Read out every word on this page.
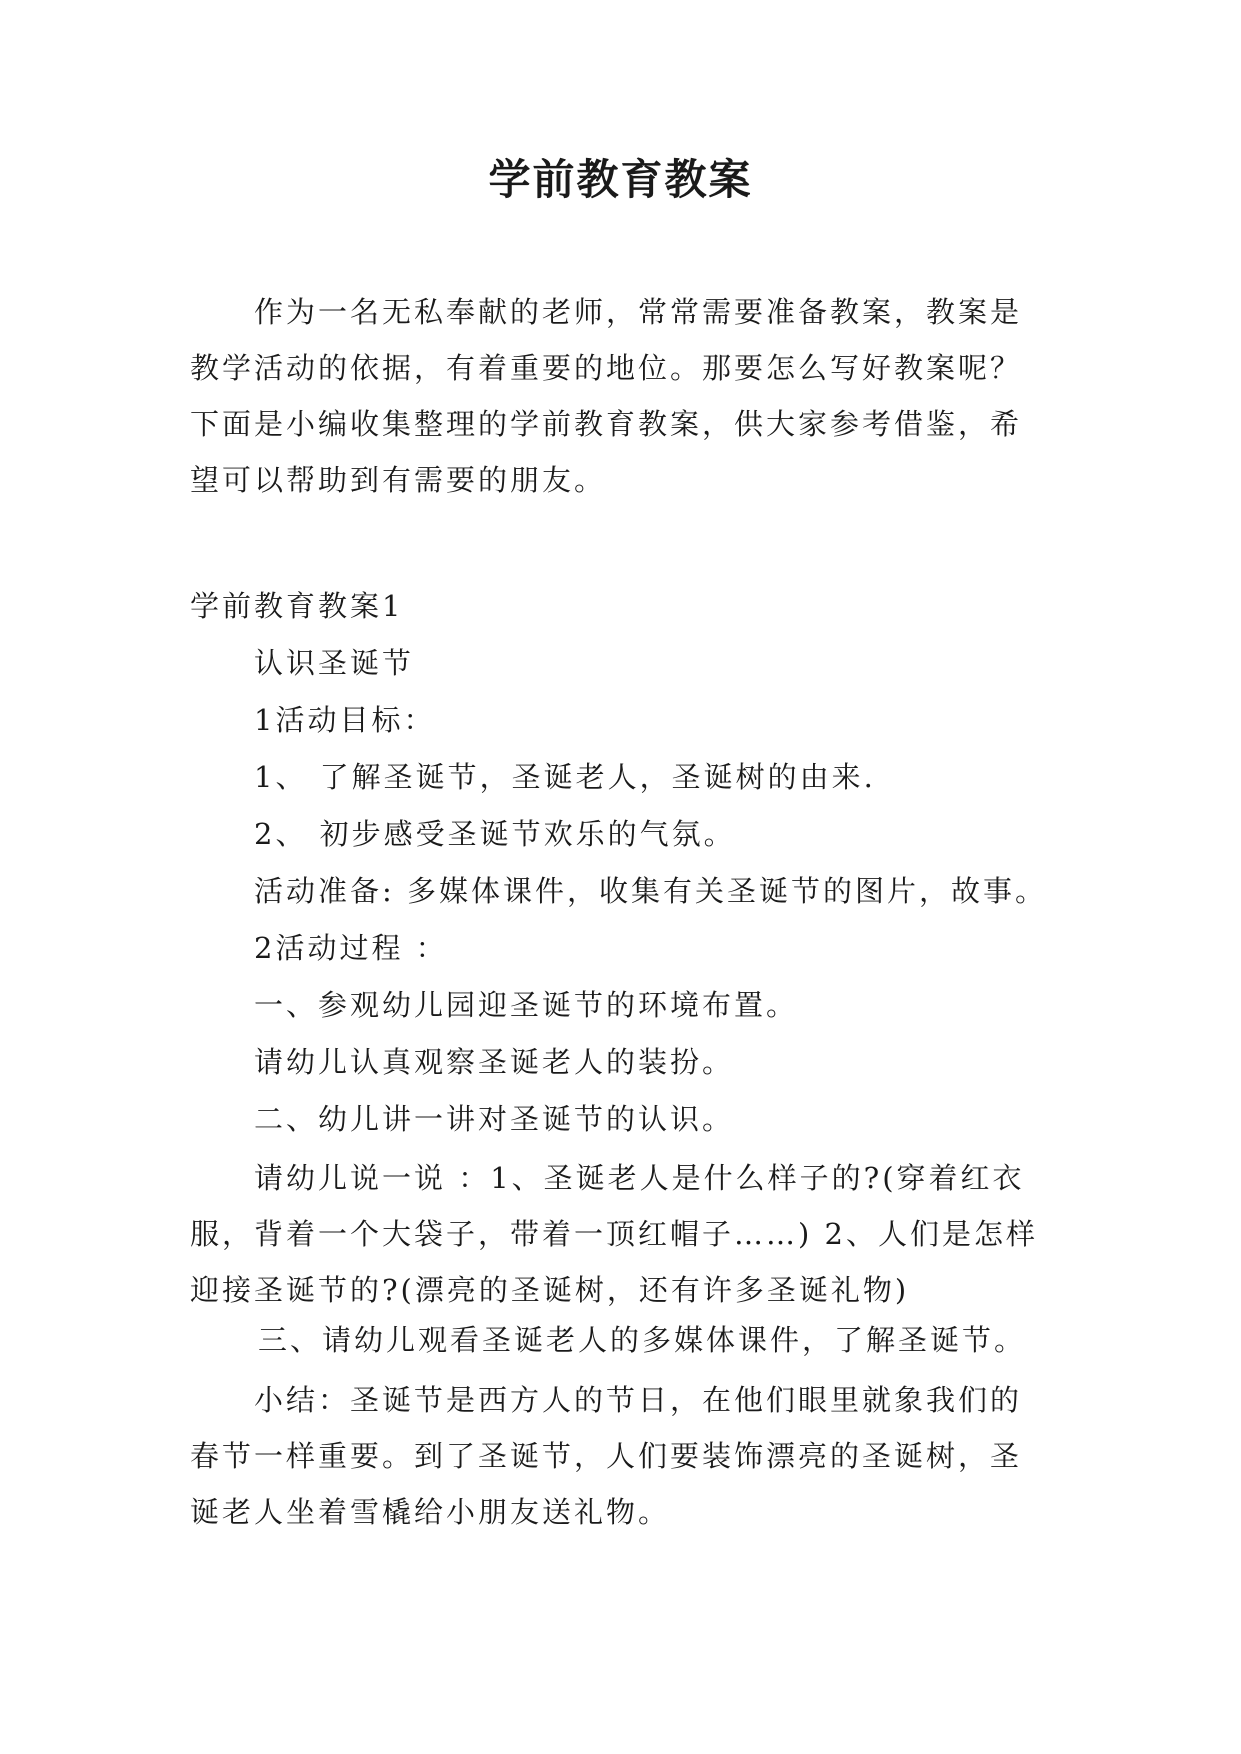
学前教育教案
作为一名无私奉献的老师，常常需要准备教案，教案是教学活动的依据，有着重要的地位。那要怎么写好教案呢？下面是小编收集整理的学前教育教案，供大家参考借鉴，希望可以帮助到有需要的朋友。
学前教育教案1
认识圣诞节
1活动目标：
1、 了解圣诞节，圣诞老人，圣诞树的由来.
2、 初步感受圣诞节欢乐的气氛。
活动准备: 多媒体课件，收集有关圣诞节的图片，故事。
2活动过程 ：
一、参观幼儿园迎圣诞节的环境布置。
请幼儿认真观察圣诞老人的装扮。
二、幼儿讲一讲对圣诞节的认识。
请幼儿说一说 ：1、圣诞老人是什么样子的?(穿着红衣服，背着一个大袋子，带着一顶红帽子……) 2、人们是怎样迎接圣诞节的?(漂亮的圣诞树，还有许多圣诞礼物)
三、请幼儿观看圣诞老人的多媒体课件，了解圣诞节。
小结：圣诞节是西方人的节日，在他们眼里就象我们的春节一样重要。到了圣诞节，人们要装饰漂亮的圣诞树，圣诞老人坐着雪橇给小朋友送礼物。
